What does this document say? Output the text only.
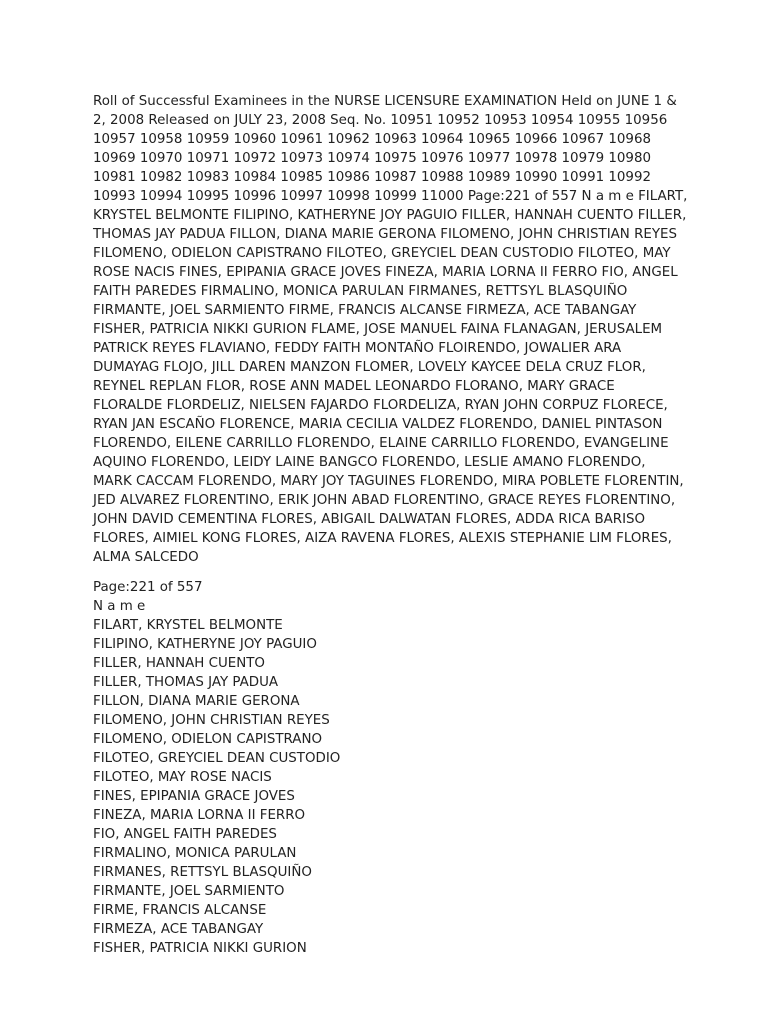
Roll of Successful Examinees in the NURSE LICENSURE EXAMINATION Held on JUNE 1 & 2, 2008 Released on JULY 23, 2008 Seq. No. 10951 10952 10953 10954 10955 10956 10957 10958 10959 10960 10961 10962 10963 10964 10965 10966 10967 10968 10969 10970 10971 10972 10973 10974 10975 10976 10977 10978 10979 10980 10981 10982 10983 10984 10985 10986 10987 10988 10989 10990 10991 10992 10993 10994 10995 10996 10997 10998 10999 11000 Page:221 of 557 N a m e FILART, KRYSTEL BELMONTE FILIPINO, KATHERYNE JOY PAGUIO FILLER, HANNAH CUENTO FILLER, THOMAS JAY PADUA FILLON, DIANA MARIE GERONA FILOMENO, JOHN CHRISTIAN REYES FILOMENO, ODIELON CAPISTRANO FILOTEO, GREYCIEL DEAN CUSTODIO FILOTEO, MAY ROSE NACIS FINES, EPIPANIA GRACE JOVES FINEZA, MARIA LORNA II FERRO FIO, ANGEL FAITH PAREDES FIRMALINO, MONICA PARULAN FIRMANES, RETTSYL BLASQUIÑO FIRMANTE, JOEL SARMIENTO FIRME, FRANCIS ALCANSE FIRMEZA, ACE TABANGAY FISHER, PATRICIA NIKKI GURION FLAME, JOSE MANUEL FAINA FLANAGAN, JERUSALEM PATRICK REYES FLAVIANO, FEDDY FAITH MONTAÑO FLOIRENDO, JOWALIER ARA DUMAYAG FLOJO, JILL DAREN MANZON FLOMER, LOVELY KAYCEE DELA CRUZ FLOR, REYNEL REPLAN FLOR, ROSE ANN MADEL LEONARDO FLORANO, MARY GRACE FLORALDE FLORDELIZ, NIELSEN FAJARDO FLORDELIZA, RYAN JOHN CORPUZ FLORECE, RYAN JAN ESCAÑO FLORENCE, MARIA CECILIA VALDEZ FLORENDO, DANIEL PINTASON FLORENDO, EILENE CARRILLO FLORENDO, ELAINE CARRILLO FLORENDO, EVANGELINE AQUINO FLORENDO, LEIDY LAINE BANGCO FLORENDO, LESLIE AMANO FLORENDO, MARK CACCAM FLORENDO, MARY JOY TAGUINES FLORENDO, MIRA POBLETE FLORENTIN, JED ALVAREZ FLORENTINO, ERIK JOHN ABAD FLORENTINO, GRACE REYES FLORENTINO, JOHN DAVID CEMENTINA FLORES, ABIGAIL DALWATAN FLORES, ADDA RICA BARISO FLORES, AIMIEL KONG FLORES, AIZA RAVENA FLORES, ALEXIS STEPHANIE LIM FLORES, ALMA SALCEDO

Page:221 of 557
N a m e
FILART, KRYSTEL BELMONTE
FILIPINO, KATHERYNE JOY PAGUIO
FILLER, HANNAH CUENTO
FILLER, THOMAS JAY PADUA
FILLON, DIANA MARIE GERONA
FILOMENO, JOHN CHRISTIAN REYES
FILOMENO, ODIELON CAPISTRANO
FILOTEO, GREYCIEL DEAN CUSTODIO
FILOTEO, MAY ROSE NACIS
FINES, EPIPANIA GRACE JOVES
FINEZA, MARIA LORNA II FERRO
FIO, ANGEL FAITH PAREDES
FIRMALINO, MONICA PARULAN
FIRMANES, RETTSYL BLASQUIÑO
FIRMANTE, JOEL SARMIENTO
FIRME, FRANCIS ALCANSE
FIRMEZA, ACE TABANGAY
FISHER, PATRICIA NIKKI GURION
